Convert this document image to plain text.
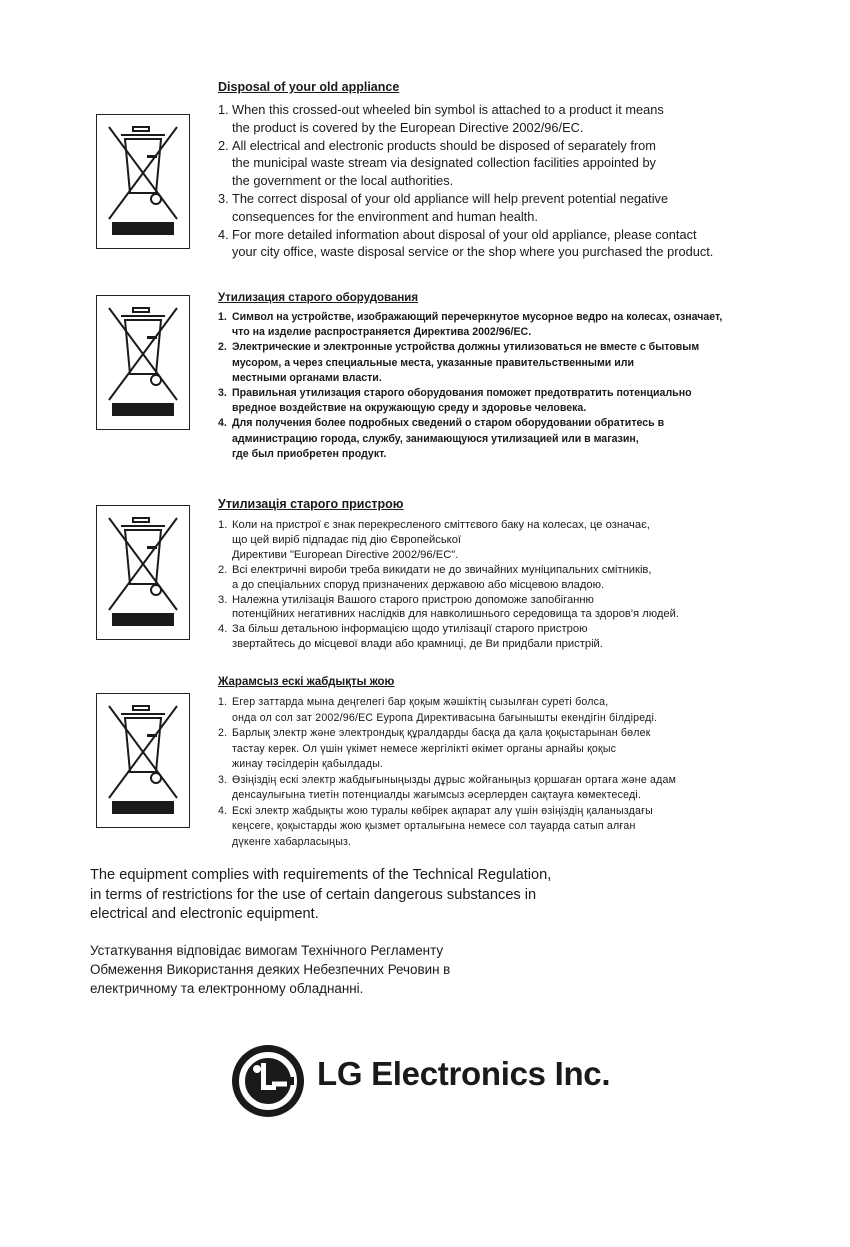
Disposal of your old appliance
1. When this crossed-out wheeled bin symbol is attached to a product it means
the product is covered by the European Directive 2002/96/EC.
2. All electrical and electronic products should be disposed of separately from
the municipal waste stream via designated collection facilities appointed by
the government or the local authorities.
3. The correct disposal of your old appliance will help prevent potential negative
consequences for the environment and human health.
4. For more detailed information about disposal of your old appliance, please contact
your city office, waste disposal service or the shop where you purchased the product.
Утилизация старого оборудования
1. Символ на устройстве, изображающий перечеркнутое мусорное ведро на колесах, означает,
что на изделие распространяется Директива 2002/96/EC.
2. Электрические и электронные устройства должны утилизоваться не вместе с бытовым
мусором, а через специальные места, указанные правительственными или
местными органами власти.
3. Правильная утилизация старого оборудования поможет предотвратить потенциально
вредное воздействие на окружающую среду и здоровье человека.
4. Для получения более подробных сведений о старом оборудовании обратитесь в
администрацию города, службу, занимающуюся утилизацией или в магазин,
где был приобретен продукт.
Утилизація старого пристрою
1. Коли на пристрої є знак перекресленого сміттєвого баку на колесах, це означає,
що цей виріб підпадає під дію Європейської
Директиви "European Directive 2002/96/EC".
2. Всі електричні вироби треба викидати не до звичайних муніципальних смітників,
а до спеціальних споруд призначених державою або місцевою владою.
3. Належна утилізація Вашого старого пристрою допоможе запобіганню
потенційних негативних наслідків для навколишнього середовища та здоров'я людей.
4. За більш детальною інформацією щодо утилізації старого пристрою
звертайтесь до місцевої влади або крамниці, де Ви придбали пристрій.
Жарамсыз ескі жабдықты жою
1. Егер заттарда мына деңгелегі бар қоқым жәшіктің сызылған суреті болса,
онда ол сол зат 2002/96/EC Еуропа Директивасына бағынышты екендігін білдіреді.
2. Барлық электр және электрондық құралдарды басқа да қала қоқыстарынан бөлек
тастау керек. Ол үшін үкімет немесе жергілікті өкімет органы арнайы қоқыс
жинау тәсілдерін қабылдады.
3. Өзіңіздің ескі электр жабдығыныңызды дұрыс жойғаныңыз қоршаған ортаға және адам
денсаулығына тиетін потенциалды жағымсыз әсерлерден сақтауға көмектеседі.
4. Ескі электр жабдықты жою туралы көбірек ақпарат алу үшін өзіңіздің қаланыздағы
кеңсеге, қоқыстарды жою қызмет орталығына немесе сол тауарда сатып алған
дүкенге хабарласыңыз.

The equipment complies with requirements of the Technical Regulation,
in terms of restrictions for the use of certain dangerous substances in
electrical and electronic equipment.

Устаткування відповідає вимогам Технічного Регламенту
Обмеження Використання деяких Небезпечних Речовин в
електричному та електронному обладнанні.

LG Electronics Inc.
